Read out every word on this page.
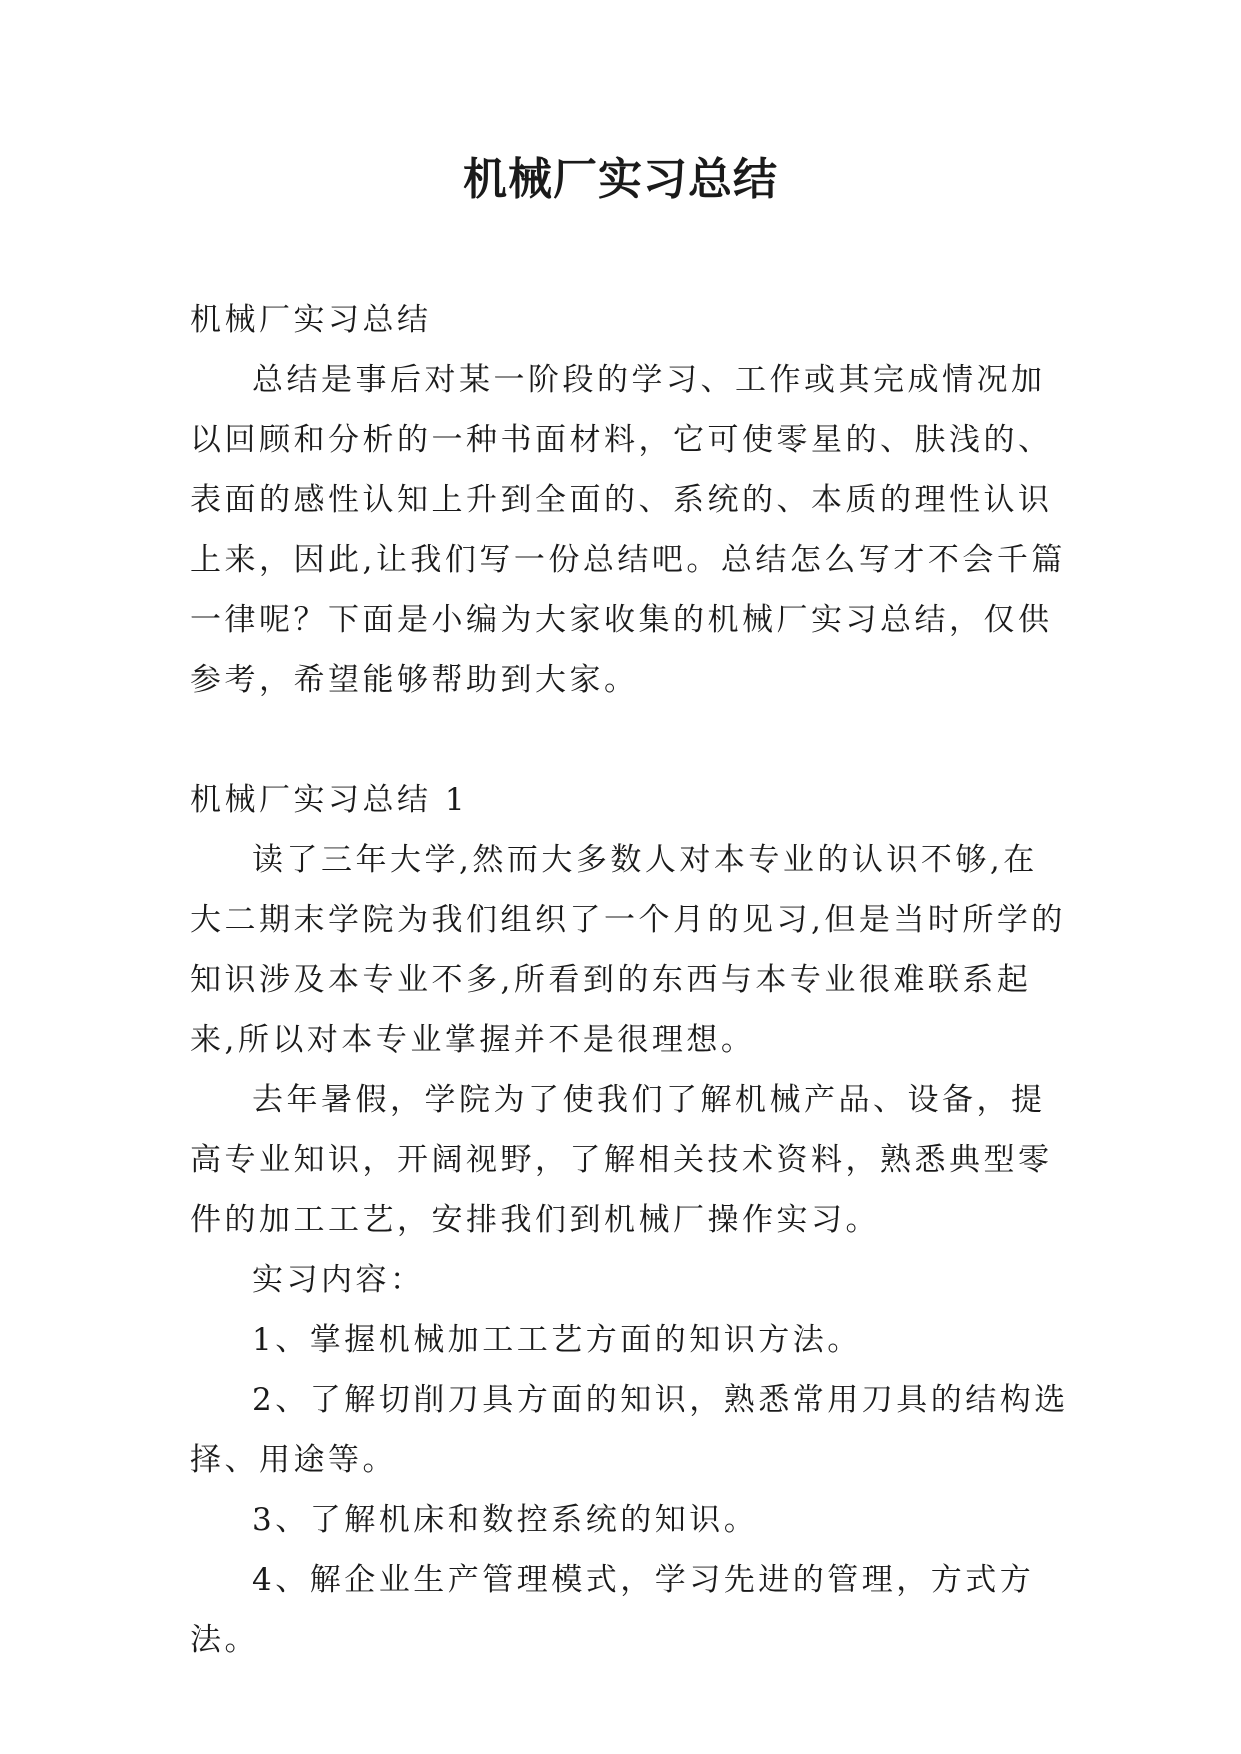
机械厂实习总结

机械厂实习总结

总结是事后对某一阶段的学习、工作或其完成情况加以回顾和分析的一种书面材料，它可使零星的、肤浅的、表面的感性认知上升到全面的、系统的、本质的理性认识上来，因此,让我们写一份总结吧。总结怎么写才不会千篇一律呢？下面是小编为大家收集的机械厂实习总结，仅供参考，希望能够帮助到大家。

机械厂实习总结 1

读了三年大学,然而大多数人对本专业的认识不够,在大二期末学院为我们组织了一个月的见习,但是当时所学的知识涉及本专业不多,所看到的东西与本专业很难联系起来,所以对本专业掌握并不是很理想。

去年暑假，学院为了使我们了解机械产品、设备，提高专业知识，开阔视野，了解相关技术资料，熟悉典型零件的加工工艺，安排我们到机械厂操作实习。

实习内容：

1、掌握机械加工工艺方面的知识方法。

2、了解切削刀具方面的知识，熟悉常用刀具的结构选择、用途等。

3、了解机床和数控系统的知识。

4、解企业生产管理模式，学习先进的管理，方式方法。
